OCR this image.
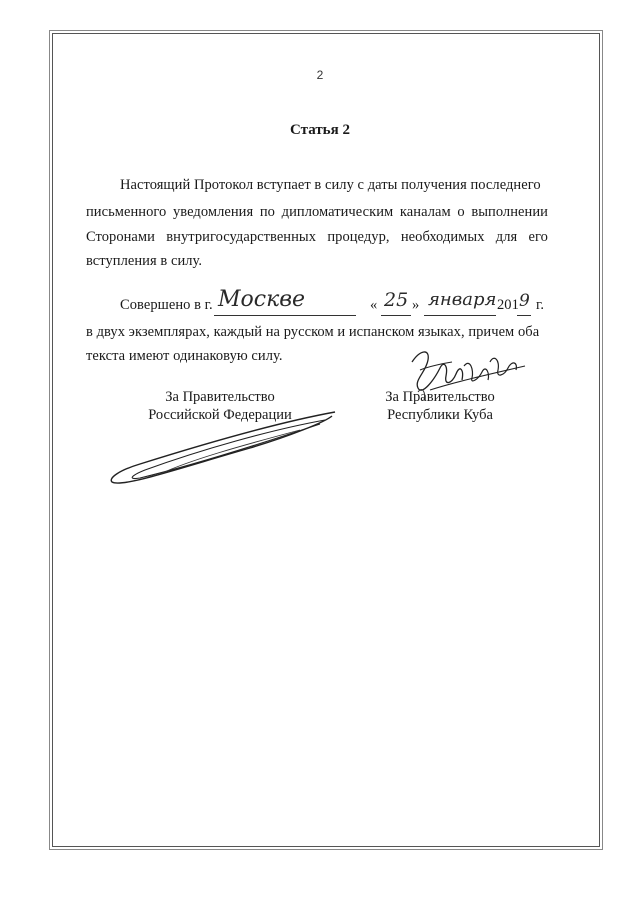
2
Статья 2
Настоящий Протокол вступает в силу с даты получения последнего
письменного уведомления по дипломатическим каналам о выполнении
Сторонами внутригосударственных процедур, необходимых для его
вступления в силу.
Совершено в г. Москве	« 25 » января 201 9 г.
в двух экземплярах, каждый на русском и испанском языках, причем оба
текста имеют одинаковую силу.
За Правительство
Российской Федерации
За Правительство
Республики Куба
